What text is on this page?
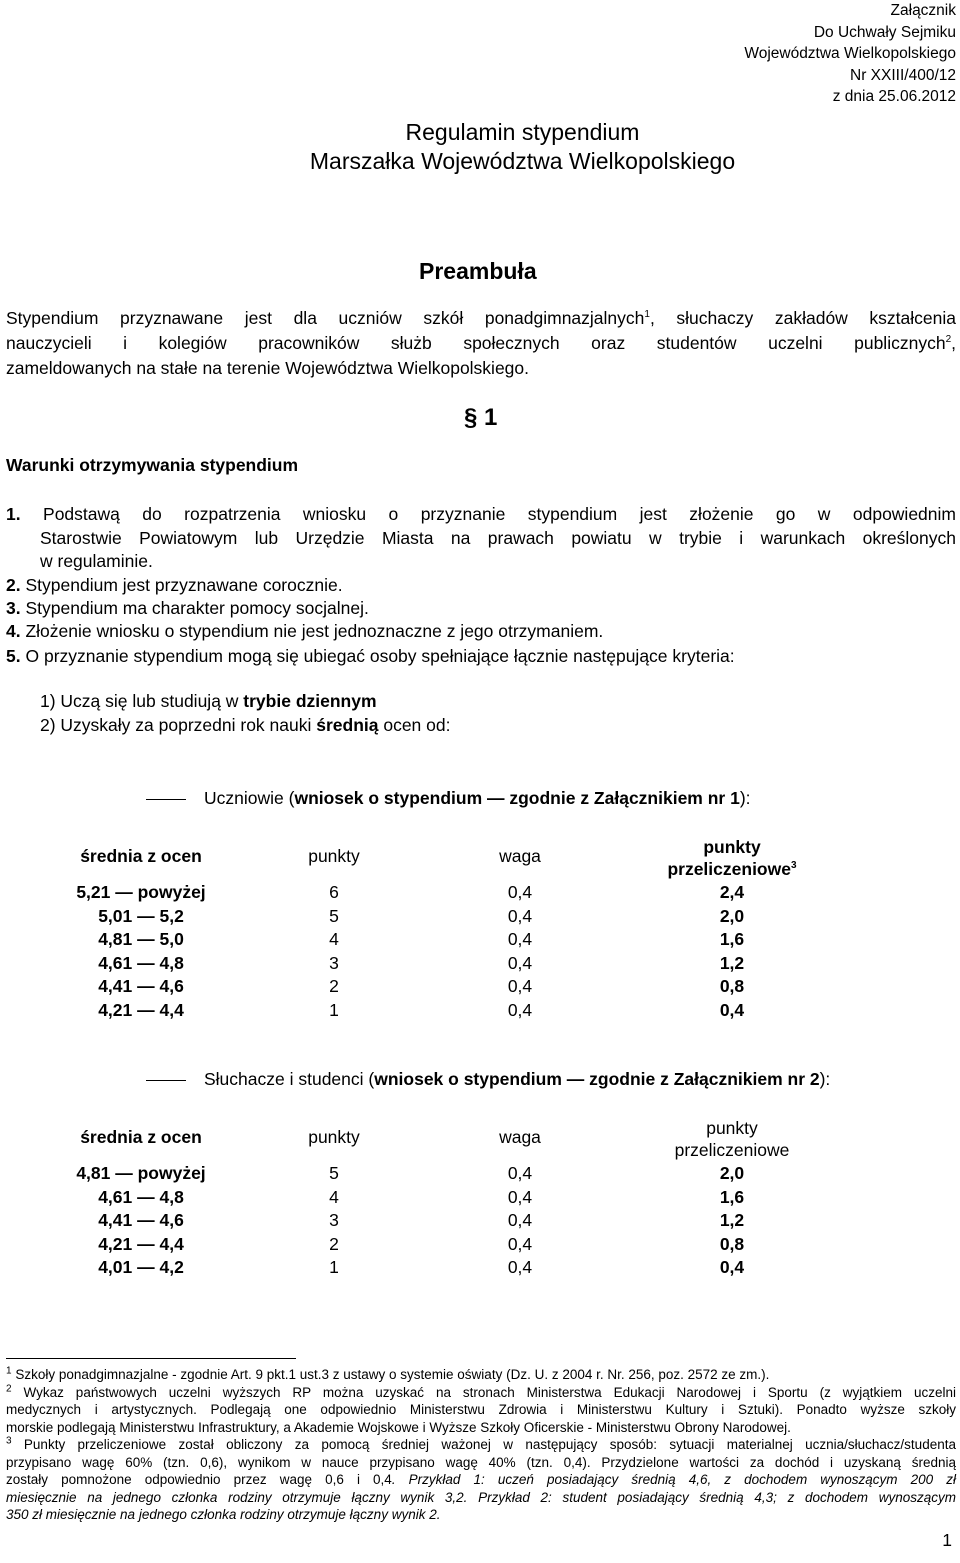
Załącznik
Do Uchwały Sejmiku
Województwa Wielkopolskiego
Nr XXIII/400/12
z dnia 25.06.2012
Regulamin stypendium
Marszałka Województwa Wielkopolskiego
Preambuła
Stypendium przyznawane jest dla uczniów szkół ponadgimnazjalnych$^1$, słuchaczy zakładów kształcenia
nauczycieli i kolegiów pracowników służb społecznych oraz studentów uczelni publicznych$^2$,
zameldowanych na stałe na terenie Województwa Wielkopolskiego.
§ 1
Warunki otrzymywania stypendium
1. Podstawą do rozpatrzenia wniosku o przyznanie stypendium jest złożenie go w odpowiednim
Starostwie Powiatowym lub Urzędzie Miasta na prawach powiatu w trybie i warunkach określonych
w regulaminie.
2. Stypendium jest przyznawane corocznie.
3. Stypendium ma charakter pomocy socjalnej.
4. Złożenie wniosku o stypendium nie jest jednoznaczne z jego otrzymaniem.
5. O przyznanie stypendium mogą się ubiegać osoby spełniające łącznie następujące kryteria:
1) Uczą się lub studiują w trybie dziennym
2) Uzyskały za poprzedni rok nauki średnią ocen od:
Uczniowie (wniosek o stypendium — zgodnie z Załącznikiem nr 1):
średnia z ocen	punkty	waga	punkty
przeliczeniowe$^3$

5,21 — powyżej	6	0,4	2,4
5,01 — 5,2	5	0,4	2,0
4,81 — 5,0	4	0,4	1,6
4,61 — 4,8	3	0,4	1,2
4,41 — 4,6	2	0,4	0,8
4,21 — 4,4	1	0,4	0,4
Słuchacze i studenci (wniosek o stypendium — zgodnie z Załącznikiem nr 2):
średnia z ocen	punkty	waga	punkty
przeliczeniowe

4,81 — powyżej	5	0,4	2,0
4,61 — 4,8	4	0,4	1,6
4,41 — 4,6	3	0,4	1,2
4,21 — 4,4	2	0,4	0,8
4,01 — 4,2	1	0,4	0,4
$^1$ Szkoły ponadgimnazjalne - zgodnie Art. 9 pkt.1 ust.3 z ustawy o systemie oświaty (Dz. U. z 2004 r. Nr. 256, poz. 2572 ze zm.).
$^2$ Wykaz państwowych uczelni wyższych RP można uzyskać na stronach Ministerstwa Edukacji Narodowej i Sportu (z wyjątkiem uczelni
medycznych i artystycznych. Podlegają one odpowiednio Ministerstwu Zdrowia i Ministerstwu Kultury i Sztuki). Ponadto wyższe szkoły
morskie podlegają Ministerstwu Infrastruktury, a Akademie Wojskowe i Wyższe Szkoły Oficerskie - Ministerstwu Obrony Narodowej.
$^3$ Punkty przeliczeniowe został obliczony za pomocą średniej ważonej w następujący sposób: sytuacji materialnej ucznia/słuchacz/studenta
przypisano wagę 60% (tzn. 0,6), wynikom w nauce przypisano wagę 40% (tzn. 0,4). Przydzielone wartości za dochód i uzyskaną średnią
zostały pomnożone odpowiednio przez wagę 0,6 i 0,4. Przykład 1: uczeń posiadający średnią 4,6, z dochodem wynoszącym 200 zł
miesięcznie na jednego członka rodziny otrzymuje łączny wynik 3,2. Przykład 2: student posiadający średnią 4,3; z dochodem wynoszącym
350 zł miesięcznie na jednego członka rodziny otrzymuje łączny wynik 2.
1
